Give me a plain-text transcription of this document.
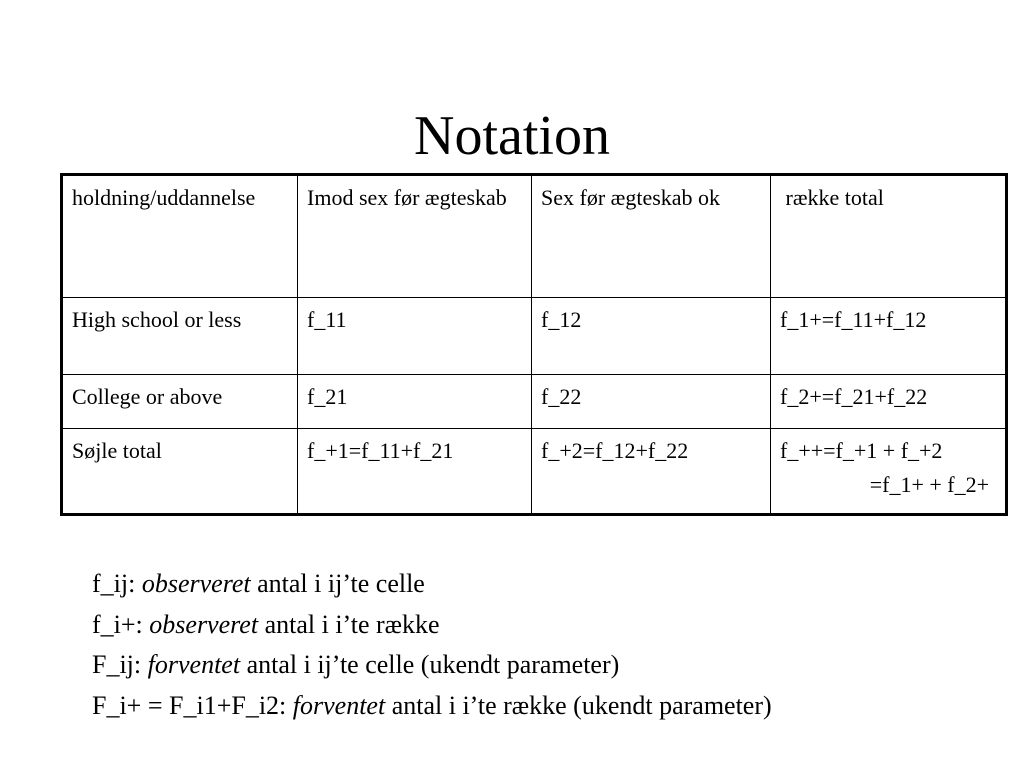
Notation
holdning/uddannelse	Imod sex før ægteskab	Sex før ægteskab ok	række total
High school or less	f_11	f_12	f_1+=f_11+f_12
College or above	f_21	f_22	f_2+=f_21+f_22
Søjle total	f_+1=f_11+f_21	f_+2=f_12+f_22	f_++=f_+1 + f_+2
=f_1+ + f_2+
f_ij: observeret antal i ij’te celle
f_i+: observeret antal i i’te række
F_ij: forventet antal i ij’te celle (ukendt parameter)
F_i+ = F_i1+F_i2: forventet antal i i’te række (ukendt parameter)
